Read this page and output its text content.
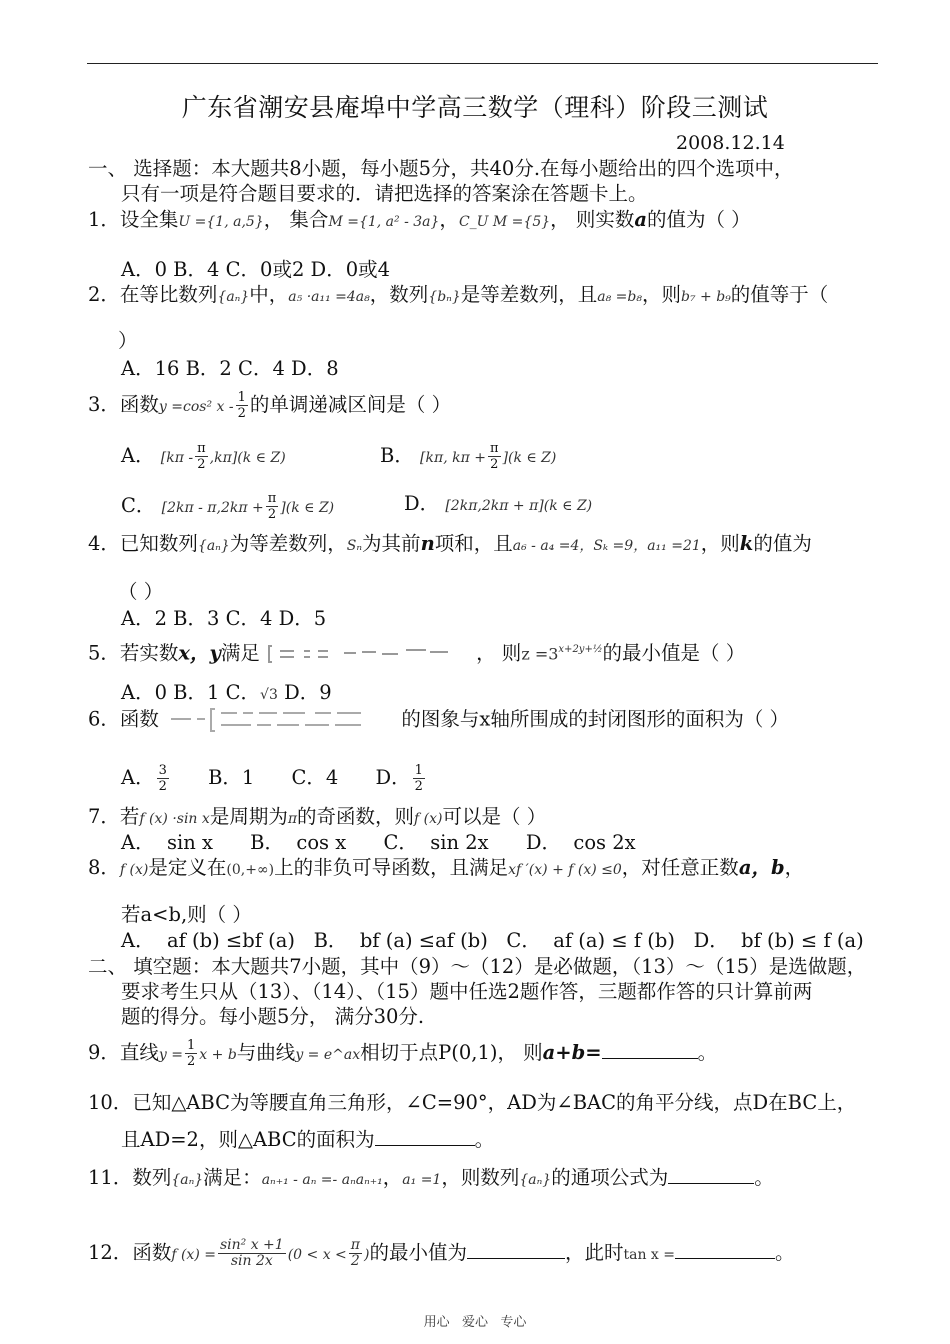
广东省潮安县庵埠中学高三数学（理科）阶段三测试
2008.12.14
一、 选择题：本大题共8小题，每小题5分，共40分.在每小题给出的四个选项中，
只有一项是符合题目要求的．请把选择的答案涂在答题卡上。
1．设全集U ={1, a,5}， 集合M ={1, a² - 3a}，C_U M ={5}， 则实数a的值为（ ）
A．0 B．4 C．0或2 D．0或4
2．在等比数列{aₙ}中，a₅ ·a₁₁ =4a₈，数列{bₙ}是等差数列，且a₈ =b₈，则b₇ + b₉的值等于（
）
A．16 B．2 C．4 D．8
3．函数y =cos² x - $\frac{1}{2}$ 的单调递减区间是（ ）
A． $[k\pi - \frac{\pi}{2} ,k\pi](k$ ∈ Z)	B． [kπ, $k\pi + \frac{\pi}{2} ](k$ ∈ Z)
C． $[2k\pi - \pi,2k\pi + \frac{\pi}{2} ](k$ ∈ Z)	D． [2kπ,2kπ + π](k ∈ Z)
4．已知数列{aₙ}为等差数列，Sₙ为其前n项和，且a₆ - a₄ =4，Sₖ =9，a₁₁ =21，则k的值为
（ ）
A．2 B．3 C．4 D．5
5．若实数x，y满足	， 则$z =3^{x+2y+\frac{1}{2}}$的最小值是（ ）
A．0 B．1 C．√3 D．9
6．函数	的图象与x轴所围成的封闭图形的面积为（ ）
A． $\frac{3}{2}$ B．1      C．4      D． $\frac{1}{2}$
7．若f (x) ·sin x是周期为π的奇函数，则f (x)可以是（ ）
A．  sin x      B．  cos x      C．  sin 2x      D．  cos 2x
8．f (x)是定义在(0,+∞)上的非负可导函数，且满足xf ′(x) + f (x) ≤0，对任意正数a，b，
若a<b,则（ ）
A．  af (b) ≤bf (a)   B．  bf (a) ≤af (b)   C．  af (a) ≤ f (b)   D．  bf (b) ≤ f (a)
二、 填空题：本大题共7小题，其中（9）～（12）是必做题，（13）～（15）是选做题，
要求考生只从（13）、（14）、（15）题中任选2题作答，三题都作答的只计算前两
题的得分。每小题5分， 满分30分.
9．直线$y = \frac{1}{2}$ x + b与曲线y = e^ax相切于点P(0,1)， 则a+b=	。
10．已知△ABC为等腰直角三角形，∠C=90°，AD为∠BAC的角平分线，点D在BC上，
且AD=2，则△ABC的面积为	。
11．数列{aₙ}满足：aₙ₊₁ - aₙ =- aₙaₙ₊₁，a₁ =1，则数列{aₙ}的通项公式为	。
12．函数f $(x) = \frac{\text{sin² x +1}}{\sin 2x} (0 < x < \frac{\pi}{2}$ )的最小值为	，此时tan x =	。
用心   爱心   专心
